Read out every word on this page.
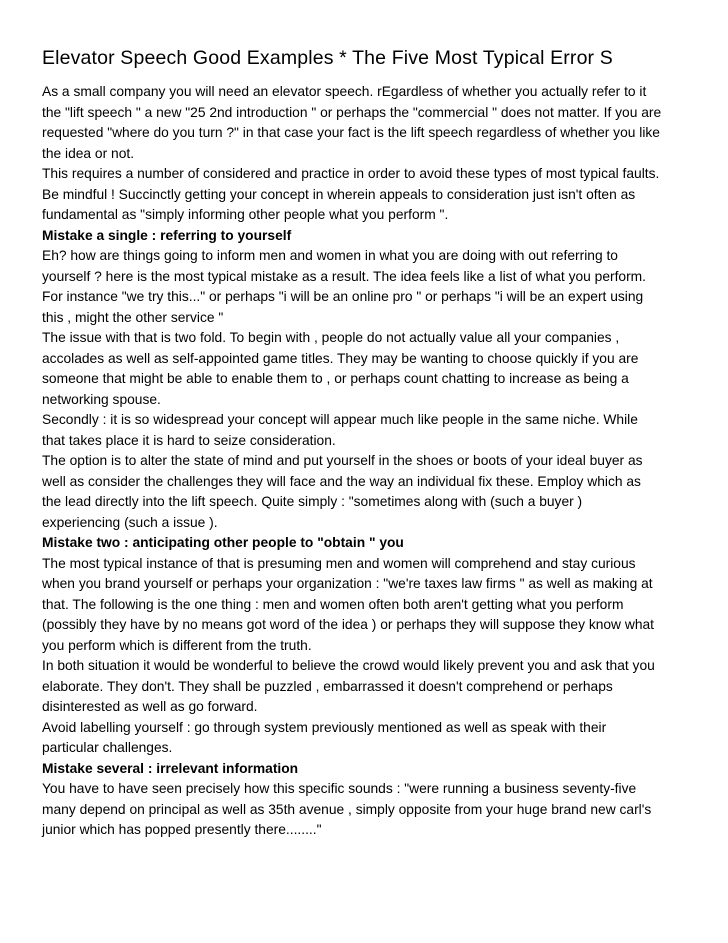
Elevator Speech Good Examples * The Five Most Typical Error S
As a small company you will need an elevator speech. rEgardless of whether you actually refer to it
the "lift speech " a new "25 2nd introduction " or perhaps the "commercial " does not matter. If you are
requested "where do you turn ?" in that case your fact is the lift speech regardless of whether you like
the idea or not.
This requires a number of considered and practice in order to avoid these types of most typical faults.
Be mindful ! Succinctly getting your concept in wherein appeals to consideration just isn't often as
fundamental as "simply informing other people what you perform ".
Mistake a single : referring to yourself
Eh? how are things going to inform men and women in what you are doing with out referring to
yourself ? here is the most typical mistake as a result. The idea feels like a list of what you perform.
For instance "we try this..." or perhaps "i will be an online pro " or perhaps "i will be an expert using
this , might the other service "
The issue with that is two fold. To begin with , people do not actually value all your companies ,
accolades as well as self-appointed game titles. They may be wanting to choose quickly if you are
someone that might be able to enable them to , or perhaps count chatting to increase as being a
networking spouse.
Secondly : it is so widespread your concept will appear much like people in the same niche. While
that takes place it is hard to seize consideration.
The option is to alter the state of mind and put yourself in the shoes or boots of your ideal buyer as
well as consider the challenges they will face and the way an individual fix these. Employ which as
the lead directly into the lift speech. Quite simply : "sometimes along with (such a buyer )
experiencing (such a issue ).
Mistake two : anticipating other people to "obtain " you
The most typical instance of that is presuming men and women will comprehend and stay curious
when you brand yourself or perhaps your organization : "we're taxes law firms " as well as making at
that. The following is the one thing : men and women often both aren't getting what you perform
(possibly they have by no means got word of the idea ) or perhaps they will suppose they know what
you perform which is different from the truth.
In both situation it would be wonderful to believe the crowd would likely prevent you and ask that you
elaborate. They don't. They shall be puzzled , embarrassed it doesn't comprehend or perhaps
disinterested as well as go forward.
Avoid labelling yourself : go through system previously mentioned as well as speak with their
particular challenges.
Mistake several : irrelevant information
You have to have seen precisely how this specific sounds : "were running a business seventy-five
many depend on principal as well as 35th avenue , simply opposite from your huge brand new carl's
junior which has popped presently there........"
